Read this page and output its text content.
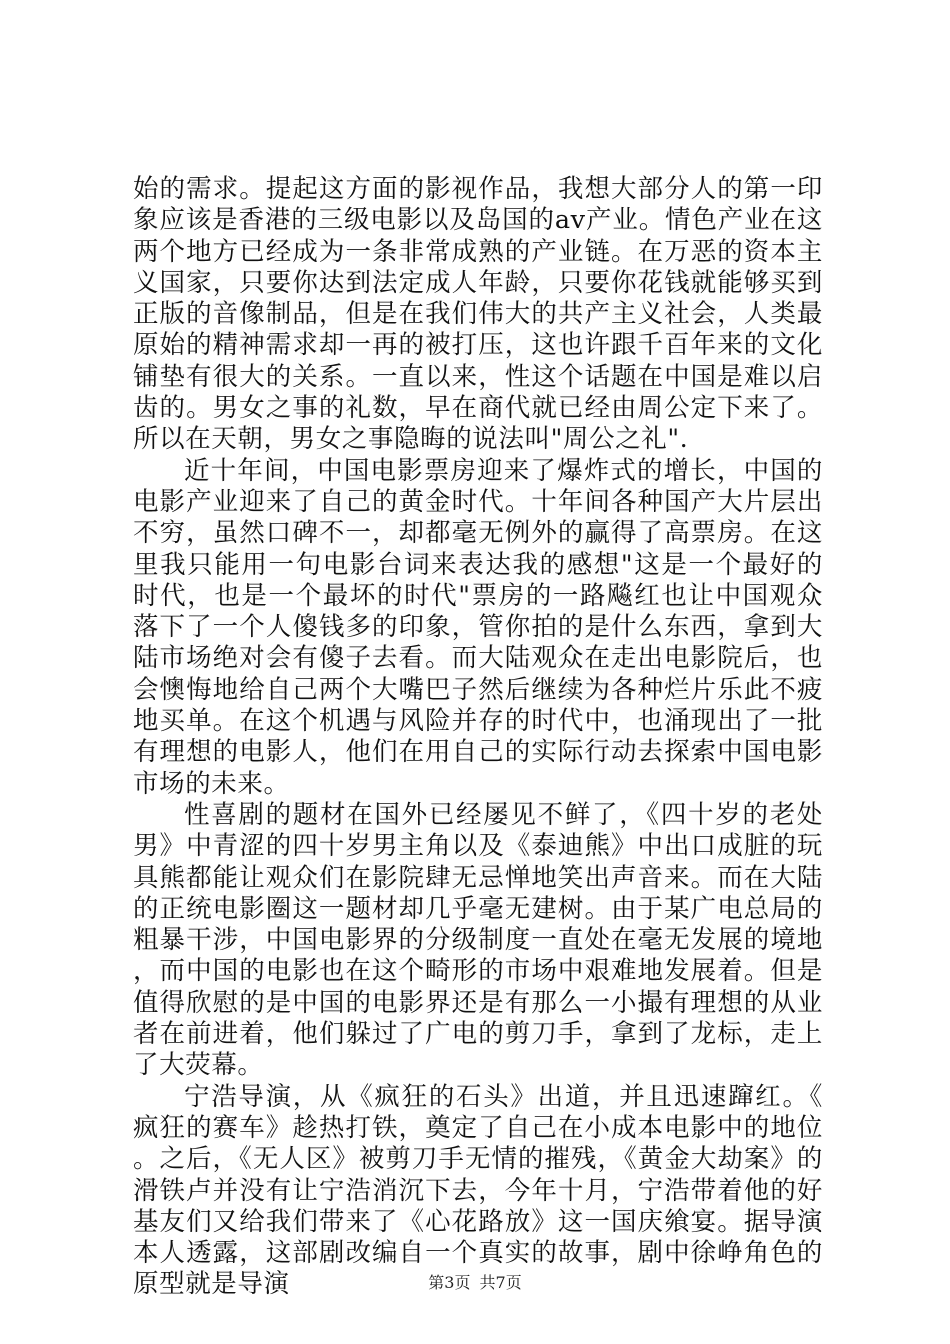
始的需求。提起这方面的影视作品，我想大部分人的第一印象应该是香港的三级电影以及岛国的av产业。情色产业在这两个地方已经成为一条非常成熟的产业链。在万恶的资本主义国家，只要你达到法定成人年龄，只要你花钱就能够买到正版的音像制品，但是在我们伟大的共产主义社会，人类最原始的精神需求却一再的被打压，这也许跟千百年来的文化铺垫有很大的关系。一直以来，性这个话题在中国是难以启齿的。男女之事的礼数，早在商代就已经由周公定下来了。所以在天朝，男女之事隐晦的说法叫"周公之礼".

近十年间，中国电影票房迎来了爆炸式的增长，中国的电影产业迎来了自己的黄金时代。十年间各种国产大片层出不穷，虽然口碑不一，却都毫无例外的赢得了高票房。在这里我只能用一句电影台词来表达我的感想"这是一个最好的时代，也是一个最坏的时代"票房的一路飚红也让中国观众落下了一个人傻钱多的印象，管你拍的是什么东西，拿到大陆市场绝对会有傻子去看。而大陆观众在走出电影院后，也会懊悔地给自己两个大嘴巴子然后继续为各种烂片乐此不疲地买单。在这个机遇与风险并存的时代中，也涌现出了一批有理想的电影人，他们在用自己的实际行动去探索中国电影市场的未来。

性喜剧的题材在国外已经屡见不鲜了，《四十岁的老处男》中青涩的四十岁男主角以及《泰迪熊》中出口成脏的玩具熊都能让观众们在影院肆无忌惮地笑出声音来。而在大陆的正统电影圈这一题材却几乎毫无建树。由于某广电总局的粗暴干涉，中国电影界的分级制度一直处在毫无发展的境地，而中国的电影也在这个畸形的市场中艰难地发展着。但是值得欣慰的是中国的电影界还是有那么一小撮有理想的从业者在前进着，他们躲过了广电的剪刀手，拿到了龙标，走上了大荧幕。

宁浩导演，从《疯狂的石头》出道，并且迅速蹿红。《疯狂的赛车》趁热打铁，奠定了自己在小成本电影中的地位。之后，《无人区》被剪刀手无情的摧残，《黄金大劫案》的滑铁卢并没有让宁浩消沉下去，今年十月，宁浩带着他的好基友们又给我们带来了《心花路放》这一国庆飨宴。据导演本人透露，这部剧改编自一个真实的故事，剧中徐峥角色的原型就是导演	第3页 共7页
